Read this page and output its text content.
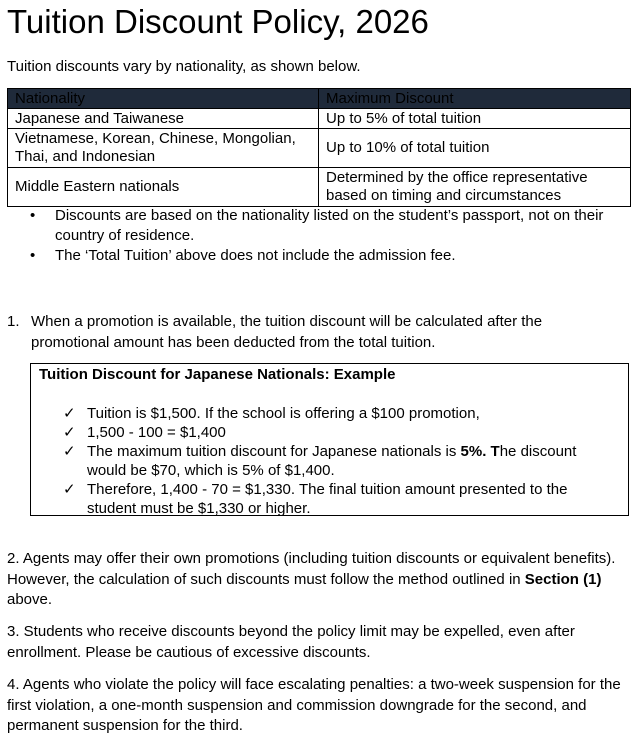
Tuition Discount Policy, 2026
Tuition discounts vary by nationality, as shown below.
Nationality	Maximum Discount
Japanese and Taiwanese	Up to 5% of total tuition
Vietnamese, Korean, Chinese, Mongolian, Thai, and Indonesian	Up to 10% of total tuition
Middle Eastern nationals	Determined by the office representative based on timing and circumstances
• Discounts are based on the nationality listed on the student’s passport, not on their country of residence.
• The ‘Total Tuition’ above does not include the admission fee.
1. When a promotion is available, the tuition discount will be calculated after the promotional amount has been deducted from the total tuition.
Tuition Discount for Japanese Nationals: Example
✓ Tuition is $1,500. If the school is offering a $100 promotion,
✓ 1,500 - 100 = $1,400
✓ The maximum tuition discount for Japanese nationals is 5%. The discount would be $70, which is 5% of $1,400.
✓ Therefore, 1,400 - 70 = $1,330. The final tuition amount presented to the student must be $1,330 or higher.
2. Agents may offer their own promotions (including tuition discounts or equivalent benefits). However, the calculation of such discounts must follow the method outlined in Section (1) above.
3. Students who receive discounts beyond the policy limit may be expelled, even after enrollment. Please be cautious of excessive discounts.
4. Agents who violate the policy will face escalating penalties: a two-week suspension for the first violation, a one-month suspension and commission downgrade for the second, and permanent suspension for the third.
